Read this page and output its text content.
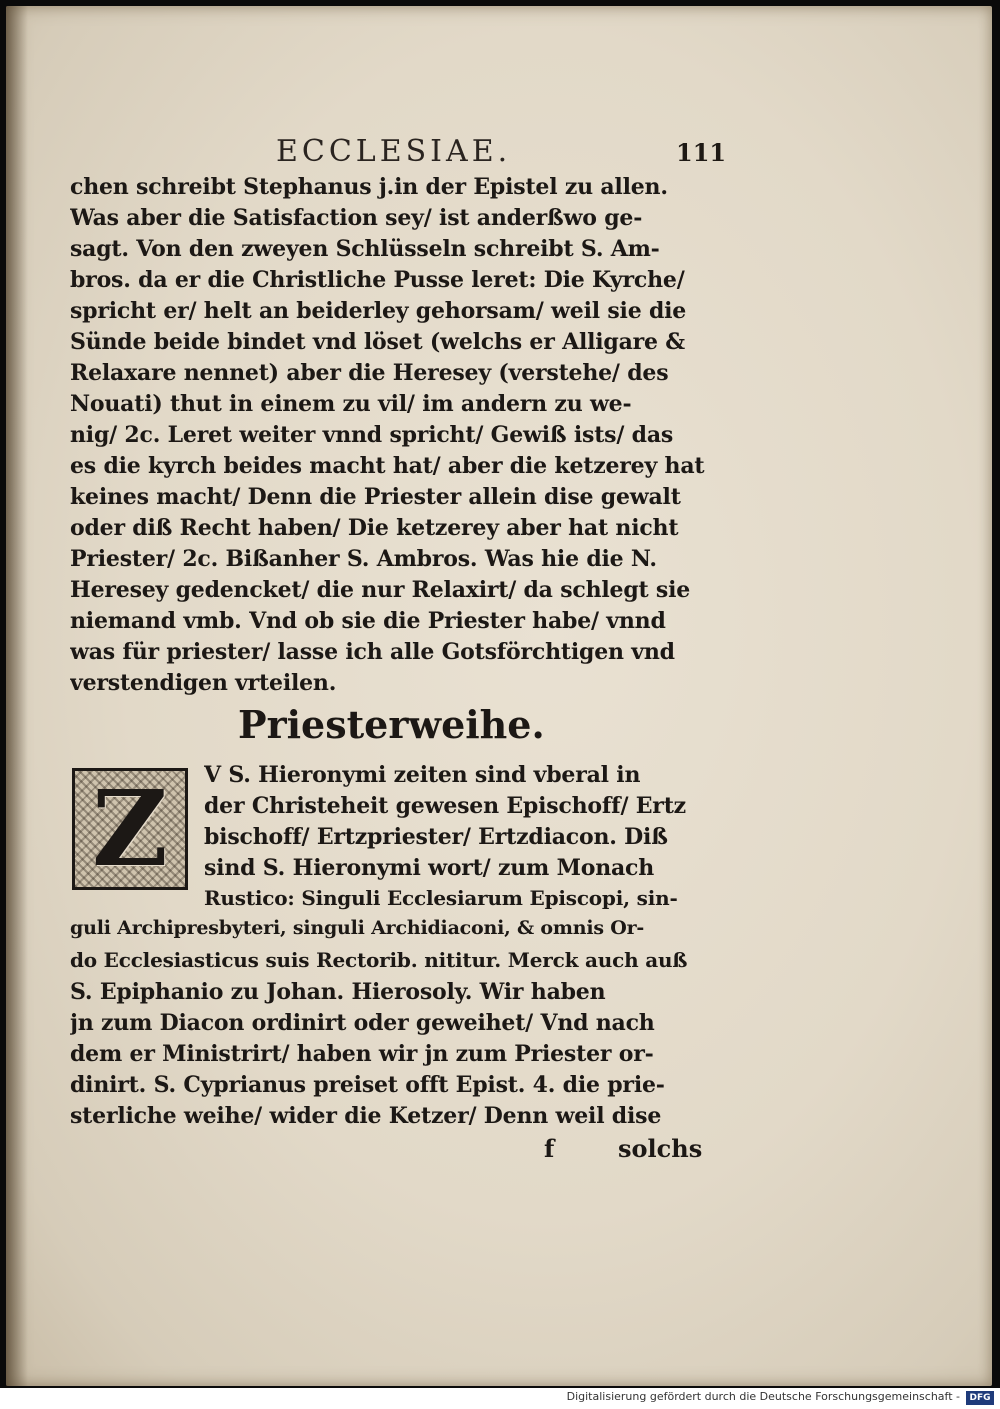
ECCLESIAE.	111
chen schreibt Stephanus j.in der Epistel zu allen.
Was aber die Satisfaction sey/ ist anderßwo ge-
sagt. Von den zweyen Schlüsseln schreibt S. Am-
bros. da er die Christliche Pusse leret: Die Kyrche/
spricht er/ helt an beiderley gehorsam/ weil sie die
Sünde beide bindet vnd löset (welchs er Alligare &
Relaxare nennet) aber die Heresey (verstehe/ des
Nouati) thut in einem zu vil/ im andern zu we-
nig/ 2c. Leret weiter vnnd spricht/ Gewiß ists/ das
es die kyrch beides macht hat/ aber die ketzerey hat
keines macht/ Denn die Priester allein dise gewalt
oder diß Recht haben/ Die ketzerey aber hat nicht
Priester/ 2c. Bißanher S. Ambros. Was hie die N.
Heresey gedencket/ die nur Relaxirt/ da schlegt sie
niemand vmb. Vnd ob sie die Priester habe/ vnnd
was für priester/ lasse ich alle Gotsförchtigen vnd
verstendigen vrteilen.
Priesterweihe.
Z V S. Hieronymi zeiten sind vberal in
der Christeheit gewesen Epischoff/ Ertz
bischoff/ Ertzpriester/ Ertzdiacon. Diß
sind S. Hieronymi wort/ zum Monach
Rustico: Singuli Ecclesiarum Episcopi, sin-
guli Archipresbyteri, singuli Archidiaconi, & omnis Or-
do Ecclesiasticus suis Rectorib. nititur. Merck auch auß
S. Epiphanio zu Johan. Hierosoly. Wir haben
jn zum Diacon ordinirt oder geweihet/ Vnd nach
dem er Ministrirt/ haben wir jn zum Priester or-
dinirt. S. Cyprianus preiset offt Epist. 4. die prie-
sterliche weihe/ wider die Ketzer/ Denn weil dise
f	solchs
Digitalisierung gefördert durch die Deutsche Forschungsgemeinschaft -	DFG
